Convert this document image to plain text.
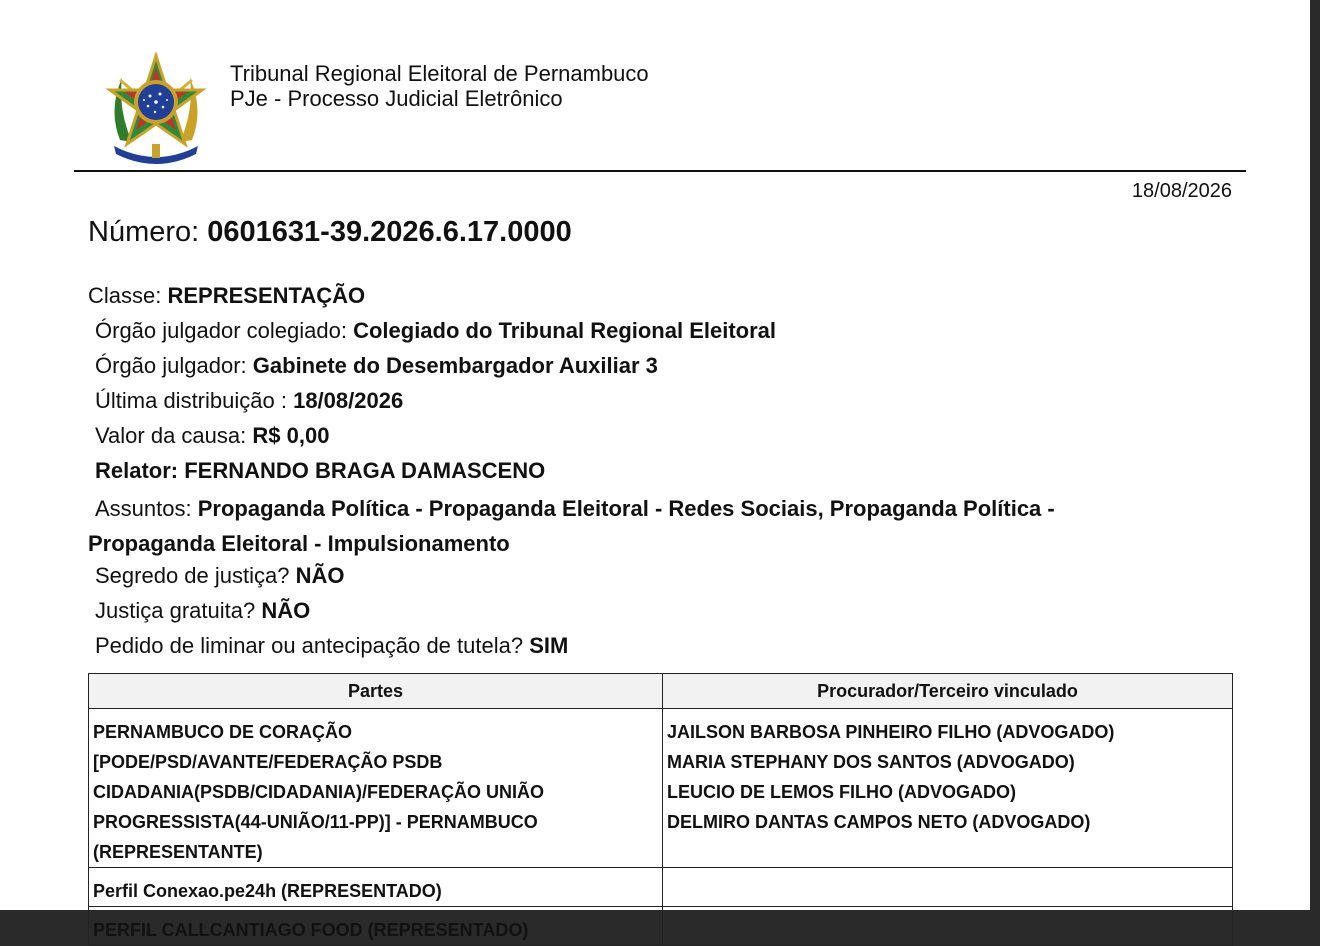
Tribunal Regional Eleitoral de Pernambuco
PJe - Processo Judicial Eletrônico
18/08/2026
Número: 0601631-39.2026.6.17.0000
Classe: REPRESENTAÇÃO
Órgão julgador colegiado: Colegiado do Tribunal Regional Eleitoral
Órgão julgador: Gabinete do Desembargador Auxiliar 3
Última distribuição : 18/08/2026
Valor da causa: R$ 0,00
Relator: FERNANDO BRAGA DAMASCENO
Assuntos: Propaganda Política - Propaganda Eleitoral - Redes Sociais, Propaganda Política -
Propaganda Eleitoral - Impulsionamento
Segredo de justiça? NÃO
Justiça gratuita? NÃO
Pedido de liminar ou antecipação de tutela? SIM
Partes	Procurador/Terceiro vinculado

PERNAMBUCO DE CORAÇÃO
[PODE/PSD/AVANTE/FEDERAÇÃO PSDB
CIDADANIA(PSDB/CIDADANIA)/FEDERAÇÃO UNIÃO
PROGRESSISTA(44-UNIÃO/11-PP)] - PERNAMBUCO
(REPRESENTANTE)	JAILSON BARBOSA PINHEIRO FILHO (ADVOGADO)
MARIA STEPHANY DOS SANTOS (ADVOGADO)
LEUCIO DE LEMOS FILHO (ADVOGADO)
DELMIRO DANTAS CAMPOS NETO (ADVOGADO)

Perfil Conexao.pe24h (REPRESENTADO)	
PERFIL CALLCANTIAGO FOOD (REPRESENTADO)	
